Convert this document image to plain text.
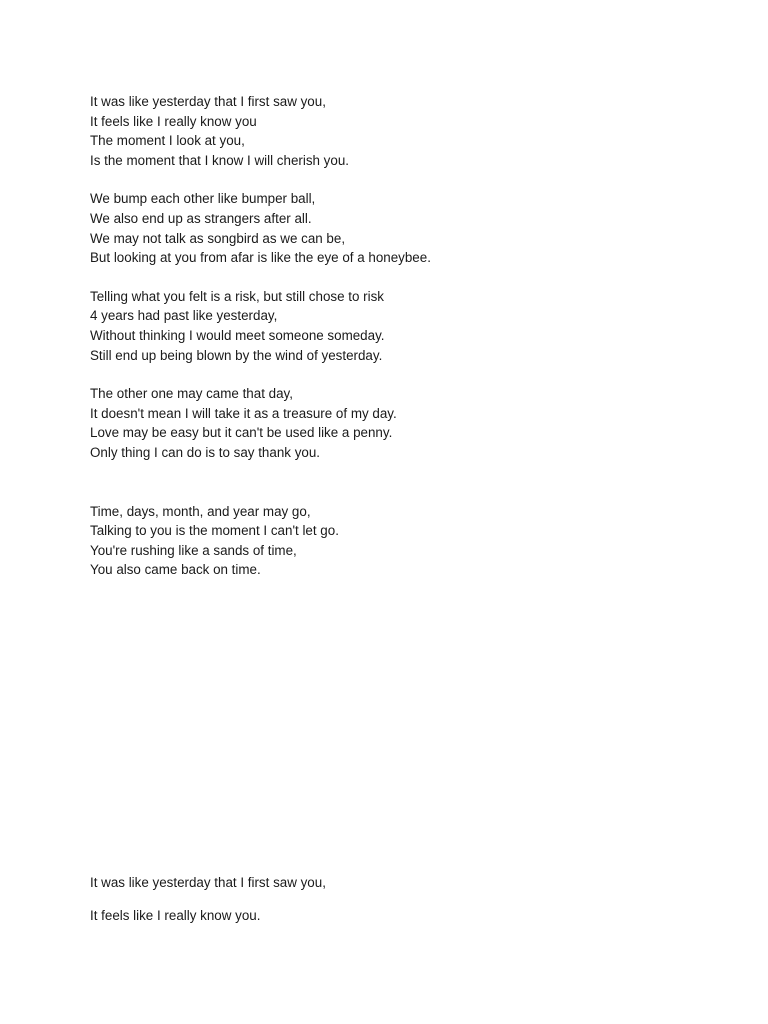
It was like yesterday that I first saw you,
It feels like I really know you
The moment I look at you,
Is the moment that I know I will cherish you.
We bump each other like bumper ball,
We also end up as strangers after all.
We may not talk as songbird as we can be,
But looking at you from afar is like the eye of a honeybee.
Telling what you felt is a risk, but still chose to risk
4 years had past like yesterday,
Without thinking I would meet someone someday.
Still end up being blown by the wind of yesterday.
The other one may came that day,
It doesn't mean I will take it as a treasure of my day.
Love may be easy but it can't be used like a penny.
Only thing I can do is to say thank you.
Time, days, month, and year may go,
Talking to you is the moment I can't let go.
You're rushing like a sands of time,
You also came back on time.
It was like yesterday that I first saw you,
It feels like I really know you.
